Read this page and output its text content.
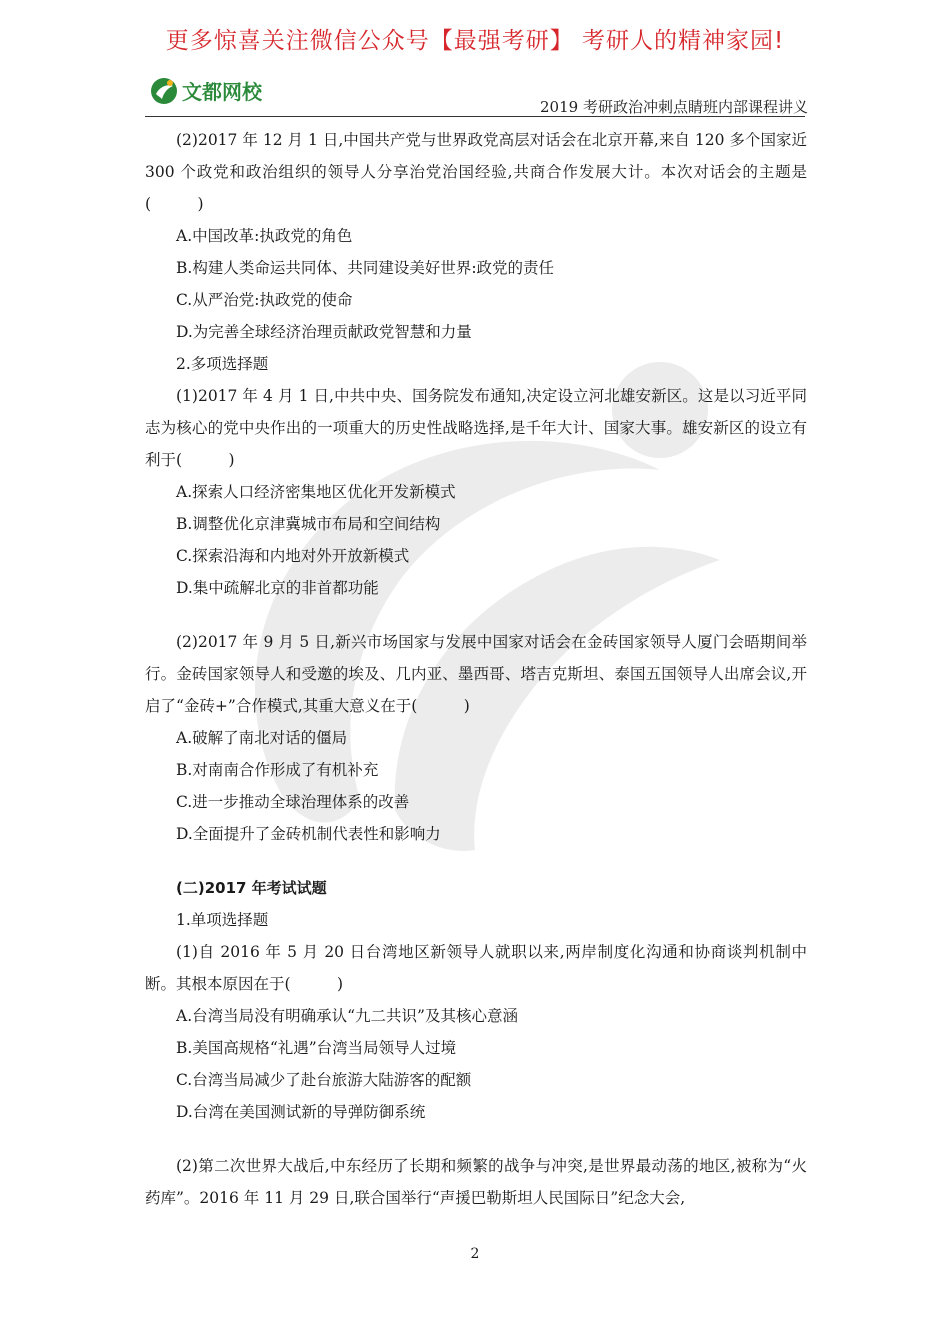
更多惊喜关注微信公众号【最强考研】 考研人的精神家园!
文都网校
2019 考研政治冲刺点睛班内部课程讲义

(2)2017 年 12 月 1 日,中国共产党与世界政党高层对话会在北京开幕,来自 120 多个国家近 300 个政党和政治组织的领导人分享治党治国经验,共商合作发展大计。本次对话会的主题是(　　　)

A.中国改革:执政党的角色

B.构建人类命运共同体、共同建设美好世界:政党的责任

C.从严治党:执政党的使命

D.为完善全球经济治理贡献政党智慧和力量

2.多项选择题

(1)2017 年 4 月 1 日,中共中央、国务院发布通知,决定设立河北雄安新区。这是以习近平同志为核心的党中央作出的一项重大的历史性战略选择,是千年大计、国家大事。雄安新区的设立有利于(　　　)

A.探索人口经济密集地区优化开发新模式

B.调整优化京津冀城市布局和空间结构

C.探索沿海和内地对外开放新模式

D.集中疏解北京的非首都功能

(2)2017 年 9 月 5 日,新兴市场国家与发展中国家对话会在金砖国家领导人厦门会晤期间举行。金砖国家领导人和受邀的埃及、几内亚、墨西哥、塔吉克斯坦、泰国五国领导人出席会议,开启了“金砖+”合作模式,其重大意义在于(　　　)

A.破解了南北对话的僵局

B.对南南合作形成了有机补充

C.进一步推动全球治理体系的改善

D.全面提升了金砖机制代表性和影响力

(二)2017 年考试试题

1.单项选择题

(1)自 2016 年 5 月 20 日台湾地区新领导人就职以来,两岸制度化沟通和协商谈判机制中断。其根本原因在于(　　　)

A.台湾当局没有明确承认“九二共识”及其核心意涵

B.美国高规格“礼遇”台湾当局领导人过境

C.台湾当局减少了赴台旅游大陆游客的配额

D.台湾在美国测试新的导弹防御系统

(2)第二次世界大战后,中东经历了长期和频繁的战争与冲突,是世界最动荡的地区,被称为“火药库”。2016 年 11 月 29 日,联合国举行“声援巴勒斯坦人民国际日”纪念大会,

2
